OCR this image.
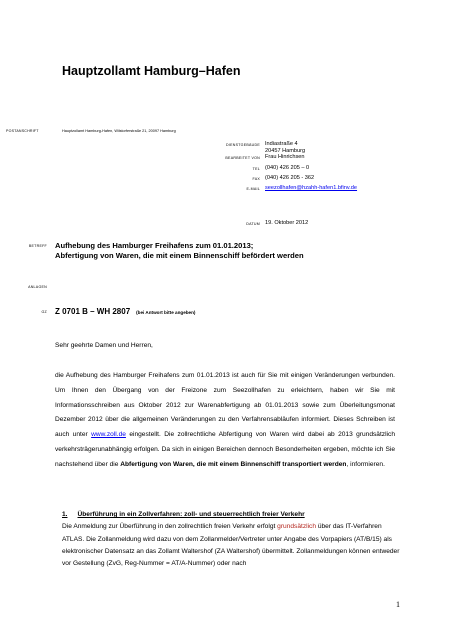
Hauptzollamt Hamburg–Hafen
POSTANSCHRIFT	Hauptzollamt Hamburg-Hafen, Wilstorferstraße 21, 20097 Hamburg
DIENSTGEBÄUDE Indiastraße 4
20457 Hamburg
BEARBEITET VON Frau Hinrichsen
TEL (040) 426 205 – 0
FAX (040) 426 205 - 362
E-MAIL seezollhafen@hzahh-hafen1.bfinv.de
DATUM 19. Oktober 2012
BETREFF Aufhebung des Hamburger Freihafens zum 01.01.2013;
Abfertigung von Waren, die mit einem Binnenschiff befördert werden
ANLAGEN
GZ Z 0701 B – WH 2807 (bei Antwort bitte angeben)
Sehr geehrte Damen und Herren,
die Aufhebung des Hamburger Freihafens zum 01.01.2013 ist auch für Sie mit einigen Veränderungen verbunden. Um Ihnen den Übergang von der Freizone zum Seezollhafen zu erleichtern, haben wir Sie mit Informationsschreiben aus Oktober 2012 zur Warenabfertigung ab 01.01.2013 sowie zum Überleitungsmonat Dezember 2012 über die allgemeinen Veränderungen zu den Verfahrensabläufen informiert. Dieses Schreiben ist auch unter www.zoll.de eingestellt. Die zollrechtliche Abfertigung von Waren wird dabei ab 2013 grundsätzlich verkehrsträgerunabhängig erfolgen. Da sich in einigen Bereichen dennoch Besonderheiten ergeben, möchte ich Sie nachstehend über die Abfertigung von Waren, die mit einem Binnenschiff transportiert werden, informieren.
1. Überführung in ein Zollverfahren: zoll- und steuerrechtlich freier Verkehr
Die Anmeldung zur Überführung in den zollrechtlich freien Verkehr erfolgt grundsätzlich über das IT-Verfahren ATLAS. Die Zollanmeldung wird dazu von dem Zollanmelder/Vertreter unter Angabe des Vorpapiers (AT/B/15) als elektronischer Datensatz an das Zollamt Waltershof (ZA Waltershof) übermittelt. Zollanmeldungen können entweder vor Gestellung (ZvG, Reg-Nummer = AT/A-Nummer) oder nach
1
